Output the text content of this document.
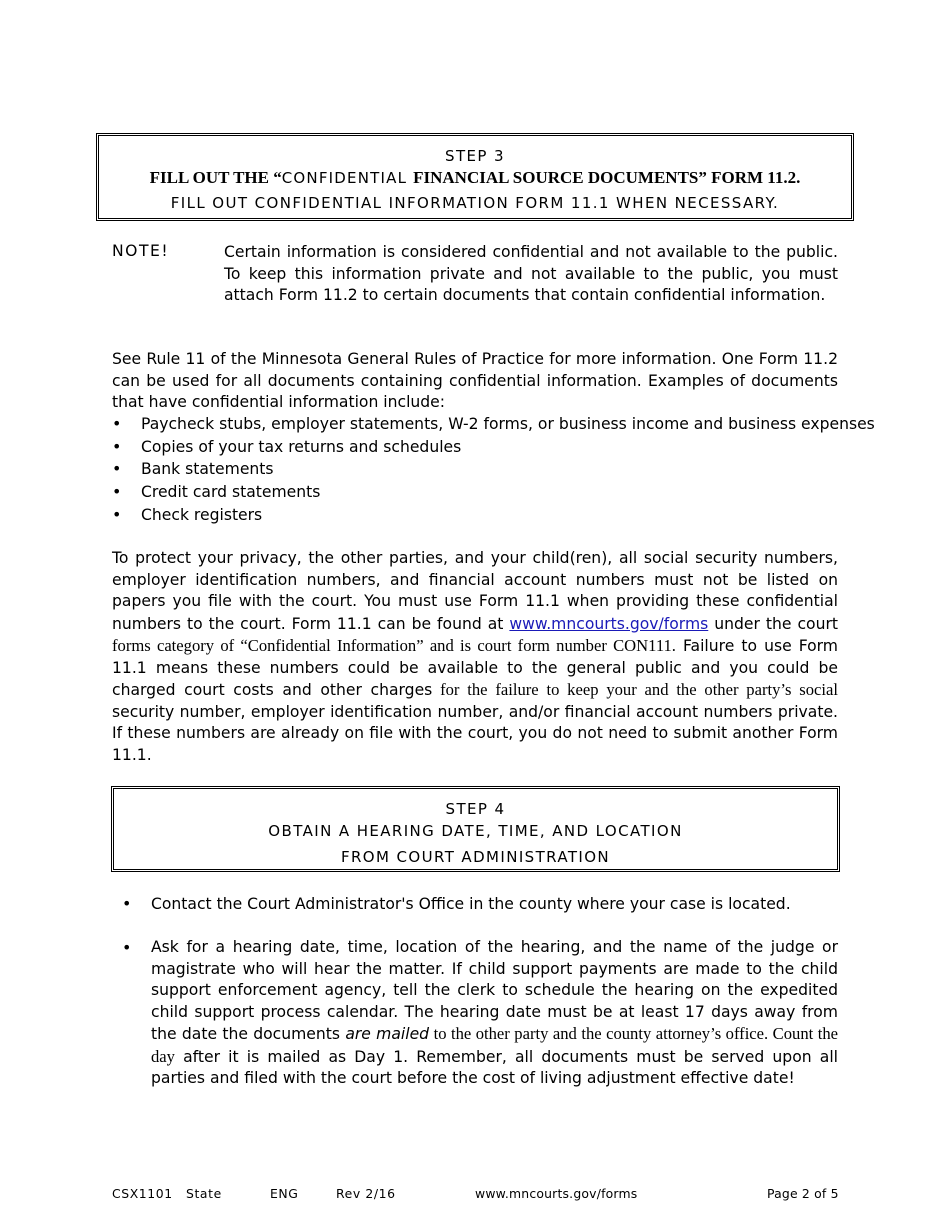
STEP 3
FILL OUT THE “CONFIDENTIAL FINANCIAL SOURCE DOCUMENTS” FORM 11.2.
FILL OUT CONFIDENTIAL INFORMATION FORM 11.1 WHEN NECESSARY.
NOTE!	Certain information is considered confidential and not available to the public. To keep this information private and not available to the public, you must attach Form 11.2 to certain documents that contain confidential information.
See Rule 11 of the Minnesota General Rules of Practice for more information. One Form 11.2 can be used for all documents containing confidential information. Examples of documents that have confidential information include:
• Paycheck stubs, employer statements, W-2 forms, or business income and business expenses
• Copies of your tax returns and schedules
• Bank statements
• Credit card statements
• Check registers
To protect your privacy, the other parties, and your child(ren), all social security numbers, employer identification numbers, and financial account numbers must not be listed on papers you file with the court. You must use Form 11.1 when providing these confidential numbers to the court. Form 11.1 can be found at www.mncourts.gov/forms under the court forms category of “Confidential Information” and is court form number CON111. Failure to use Form 11.1 means these numbers could be available to the general public and you could be charged court costs and other charges for the failure to keep your and the other party’s social security number, employer identification number, and/or financial account numbers private. If these numbers are already on file with the court, you do not need to submit another Form 11.1.
STEP 4
OBTAIN A HEARING DATE, TIME, AND LOCATION
FROM COURT ADMINISTRATION
• Contact the Court Administrator's Office in the county where your case is located.
• Ask for a hearing date, time, location of the hearing, and the name of the judge or magistrate who will hear the matter. If child support payments are made to the child support enforcement agency, tell the clerk to schedule the hearing on the expedited child support process calendar. The hearing date must be at least 17 days away from the date the documents are mailed to the other party and the county attorney’s office. Count the day after it is mailed as Day 1. Remember, all documents must be served upon all parties and filed with the court before the cost of living adjustment effective date!
CSX1101 State	ENG	Rev 2/16	www.mncourts.gov/forms	Page 2 of 5
